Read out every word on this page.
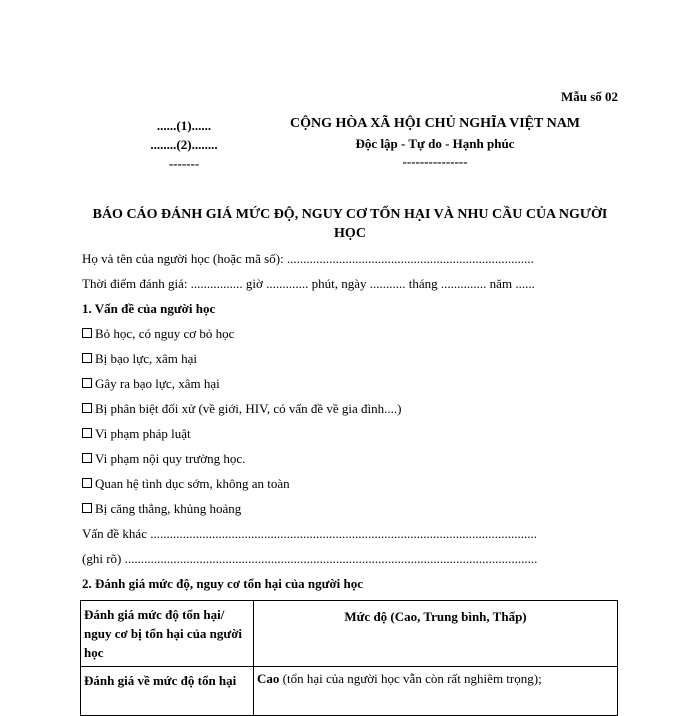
Mẫu số 02
......(1)......
........(2)........
-------
CỘNG HÒA XÃ HỘI CHỦ NGHĨA VIỆT NAM
Độc lập - Tự do - Hạnh phúc
---------------
BÁO CÁO ĐÁNH GIÁ MỨC ĐỘ, NGUY CƠ TỔN HẠI VÀ NHU CẦU CỦA NGƯỜI
HỌC
Họ và tên của người học (hoặc mã số): ............................................................................
Thời điểm đánh giá: ................ giờ ............. phút, ngày ........... tháng .............. năm ......
1. Vấn đề của người học
Bỏ học, có nguy cơ bỏ học
Bị bạo lực, xâm hại
Gây ra bạo lực, xâm hại
Bị phân biệt đối xử (về giới, HIV, có vấn đề về gia đình....)
Vi phạm pháp luật
Vi phạm nội quy trường học.
Quan hệ tình dục sớm, không an toàn
Bị căng thẳng, khủng hoảng
Vấn đề khác .......................................................................................................................
(ghi rõ) ...............................................................................................................................
2. Đánh giá mức độ, nguy cơ tổn hại của người học
Đánh giá mức độ tổn hại/ nguy cơ bị tổn hại của người học	Mức độ (Cao, Trung bình, Thấp)
Đánh giá về mức độ tổn hại	Cao (tổn hại của người học vẫn còn rất nghiêm trọng);
